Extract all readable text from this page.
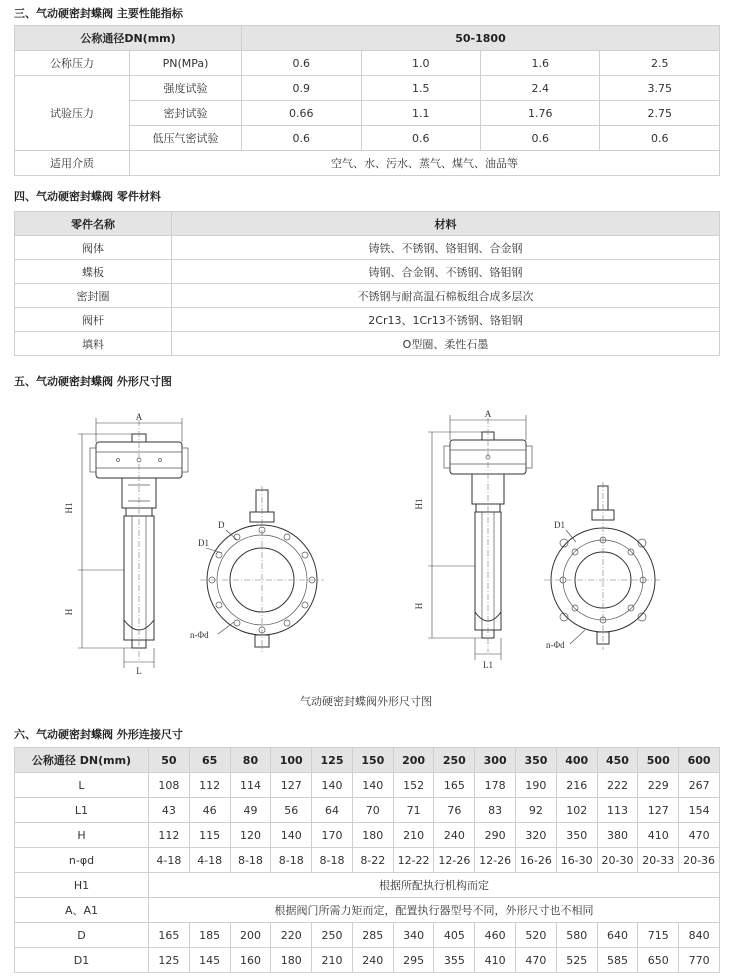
三、气动硬密封蝶阀 主要性能指标
公称通径DN(mm)		50-1800			
公称压力	PN(MPa)	0.6	1.0	1.6	2.5
试验压力	强度试验	0.9	1.5	2.4	3.75
	密封试验	0.66	1.1	1.76	2.75
	低压气密试验	0.6	0.6	0.6	0.6
适用介质	空气、水、污水、蒸气、煤气、油品等				
四、气动硬密封蝶阀 零件材料
零件名称	材料
阀体	铸铁、不锈钢、铬钼钢、合金钢
蝶板	铸钢、合金钢、不锈钢、铬钼钢
密封圈	不锈钢与耐高温石棉板组合成多层次
阀杆	2Cr13、1Cr13不锈钢、铬钼钢
填料	O型圈、柔性石墨
五、气动硬密封蝶阀 外形尺寸图
A
H1
H
L
D
D1
n-Φd
A
H1
H
L1
D1
n-Φd
气动硬密封蝶阀外形尺寸图
六、气动硬密封蝶阀 外形连接尺寸
公称通径 DN(mm)	50	65	80	100	125	150	200	250	300	350	400	450	500	600
L	108	112	114	127	140	140	152	165	178	190	216	222	229	267
L1	43	46	49	56	64	70	71	76	83	92	102	113	127	154
H	112	115	120	140	170	180	210	240	290	320	350	380	410	470
n-φd	4-18	4-18	8-18	8-18	8-18	8-22	12-22	12-26	12-26	16-26	16-30	20-30	20-33	20-36
H1	根据所配执行机构而定													
A、A1	根据阀门所需力矩而定，配置执行器型号不同，外形尺寸也不相同													
D	165	185	200	220	250	285	340	405	460	520	580	640	715	840
D1	125	145	160	180	210	240	295	355	410	470	525	585	650	770
